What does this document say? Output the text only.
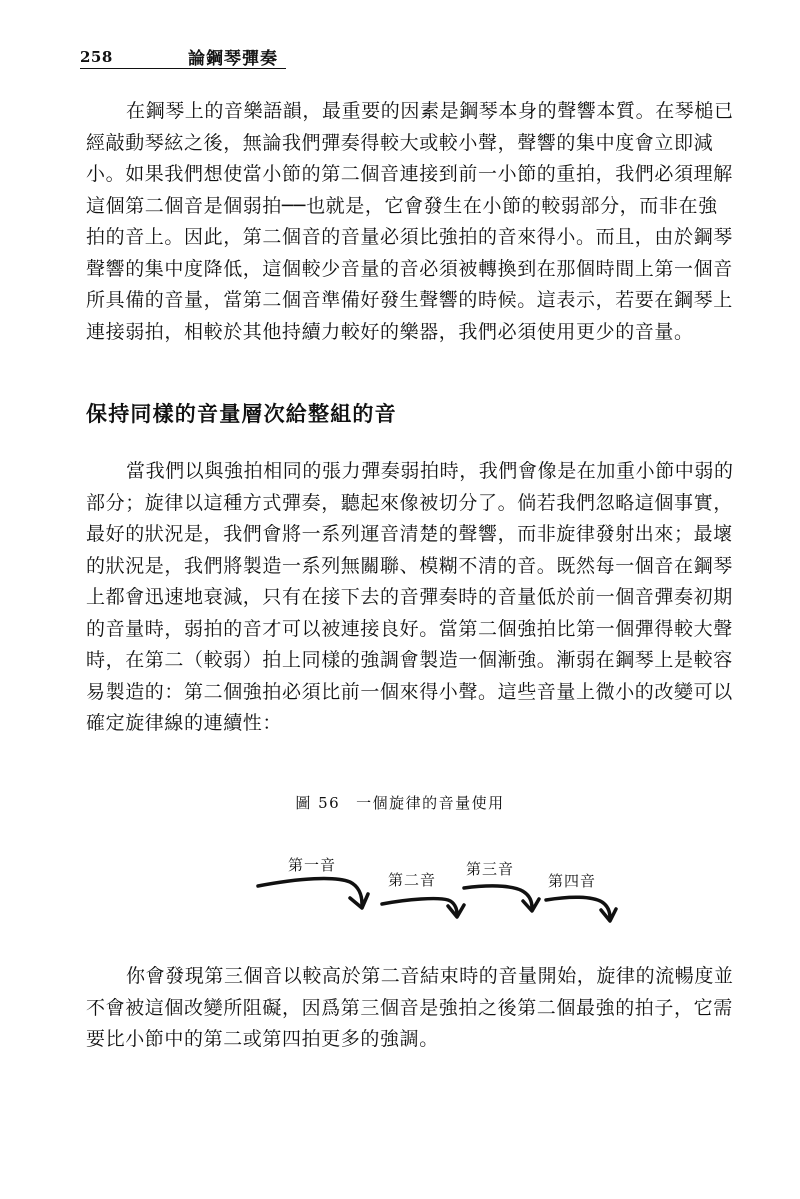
258	論鋼琴彈奏
在鋼琴上的音樂語韻，最重要的因素是鋼琴本身的聲響本質。在琴槌已
經敲動琴絃之後，無論我們彈奏得較大或較小聲，聲響的集中度會立即減
小。如果我們想使當小節的第二個音連接到前一小節的重拍，我們必須理解
這個第二個音是個弱拍──也就是，它會發生在小節的較弱部分，而非在強
拍的音上。因此，第二個音的音量必須比強拍的音來得小。而且，由於鋼琴
聲響的集中度降低，這個較少音量的音必須被轉換到在那個時間上第一個音
所具備的音量，當第二個音準備好發生聲響的時候。這表示，若要在鋼琴上
連接弱拍，相較於其他持續力較好的樂器，我們必須使用更少的音量。
保持同樣的音量層次給整組的音
當我們以與強拍相同的張力彈奏弱拍時，我們會像是在加重小節中弱的
部分；旋律以這種方式彈奏，聽起來像被切分了。倘若我們忽略這個事實，
最好的狀況是，我們會將一系列運音清楚的聲響，而非旋律發射出來；最壞
的狀況是，我們將製造一系列無關聯、模糊不清的音。既然每一個音在鋼琴
上都會迅速地衰減，只有在接下去的音彈奏時的音量低於前一個音彈奏初期
的音量時，弱拍的音才可以被連接良好。當第二個強拍比第一個彈得較大聲
時，在第二（較弱）拍上同樣的強調會製造一個漸強。漸弱在鋼琴上是較容
易製造的：第二個強拍必須比前一個來得小聲。這些音量上微小的改變可以
確定旋律線的連續性：
圖 56 一個旋律的音量使用
第一音
第二音
第三音
第四音
你會發現第三個音以較高於第二音結束時的音量開始，旋律的流暢度並
不會被這個改變所阻礙，因爲第三個音是強拍之後第二個最強的拍子，它需
要比小節中的第二或第四拍更多的強調。
